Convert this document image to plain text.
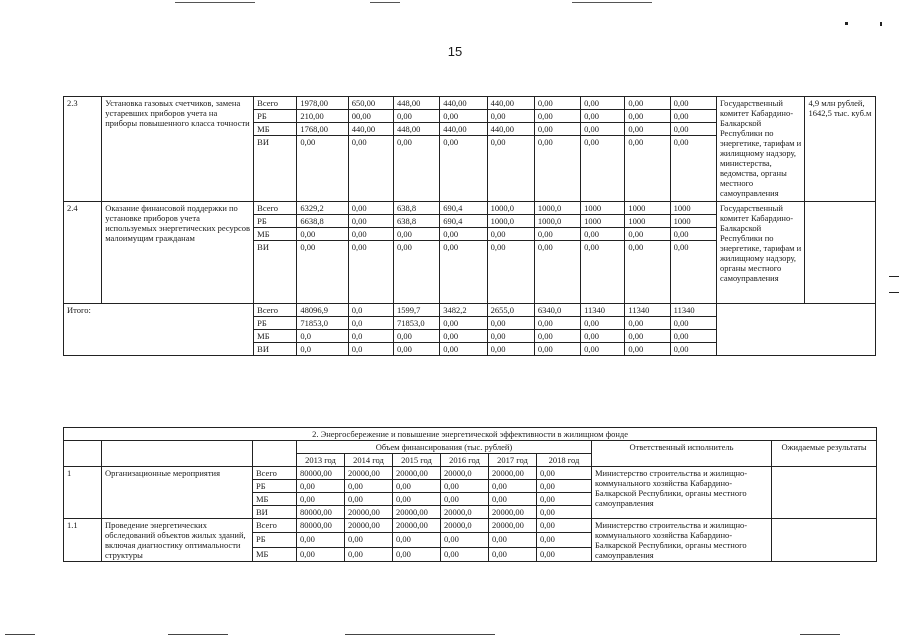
15
2.3	Установка газовых счетчиков, замена устаревших приборов учета на приборы повышенного класса точности	Всего	1978,00	650,00	448,00	440,00	440,00	0,00	0,00	0,00	0,00	Государственный комитет Кабардино-Балкарской Республики по энергетике, тарифам и жилищному надзору, министерства, ведомства, органы местного самоуправления	4,9 млн рублей, 1642,5 тыс. куб.м
		РБ	210,00	00,00	0,00	0,00	0,00	0,00	0,00	0,00	0,00		
		МБ	1768,00	440,00	448,00	440,00	440,00	0,00	0,00	0,00	0,00		
		ВИ	0,00	0,00	0,00	0,00	0,00	0,00	0,00	0,00	0,00		
2.4	Оказание финансовой поддержки по установке приборов учета используемых энергетических ресурсов малоимущим гражданам	Всего	6329,2	0,00	638,8	690,4	1000,0	1000,0	1000	1000	1000	Государственный комитет Кабардино-Балкарской Республики по энергетике, тарифам и жилищному надзору, органы местного самоуправления	
		РБ	6638,8	0,00	638,8	690,4	1000,0	1000,0	1000	1000	1000		
		МБ	0,00	0,00	0,00	0,00	0,00	0,00	0,00	0,00	0,00		
		ВИ	0,00	0,00	0,00	0,00	0,00	0,00	0,00	0,00	0,00		
Итого:		Всего	48096,9	0,0	1599,7	3482,2	2655,0	6340,0	11340	11340	11340		
		РБ	71853,0	0,0	71853,0	0,00	0,00	0,00	0,00	0,00	0,00		
		МБ	0,0	0,0	0,00	0,00	0,00	0,00	0,00	0,00	0,00		
		ВИ	0,0	0,0	0,00	0,00	0,00	0,00	0,00	0,00	0,00		
2. Энергосбережение и повышение энергетической эффективности в жилищном фонде										
			Объем финансирования (тыс. рублей)						Ответственный исполнитель	Ожидаемые результаты
			2013 год	2014 год	2015 год	2016 год	2017 год	2018 год		
1	Организационные мероприятия	Всего	80000,00	20000,00	20000,00	20000,0	20000,00	0,00	Министерство строительства и жилищно-коммунального хозяйства Кабардино-Балкарской Республики, органы местного самоуправления	
		РБ	0,00	0,00	0,00	0,00	0,00	0,00		
		МБ	0,00	0,00	0,00	0,00	0,00	0,00		
		ВИ	80000,00	20000,00	20000,00	20000,0	20000,00	0,00		
1.1	Проведение энергетических обследований объектов жилых зданий, включая диагностику оптимальности структуры	Всего	80000,00	20000,00	20000,00	20000,0	20000,00	0,00	Министерство строительства и жилищно-коммунального хозяйства Кабардино-Балкарской Республики, органы местного самоуправления	
		РБ	0,00	0,00	0,00	0,00	0,00	0,00		
		МБ	0,00	0,00	0,00	0,00	0,00	0,00		
